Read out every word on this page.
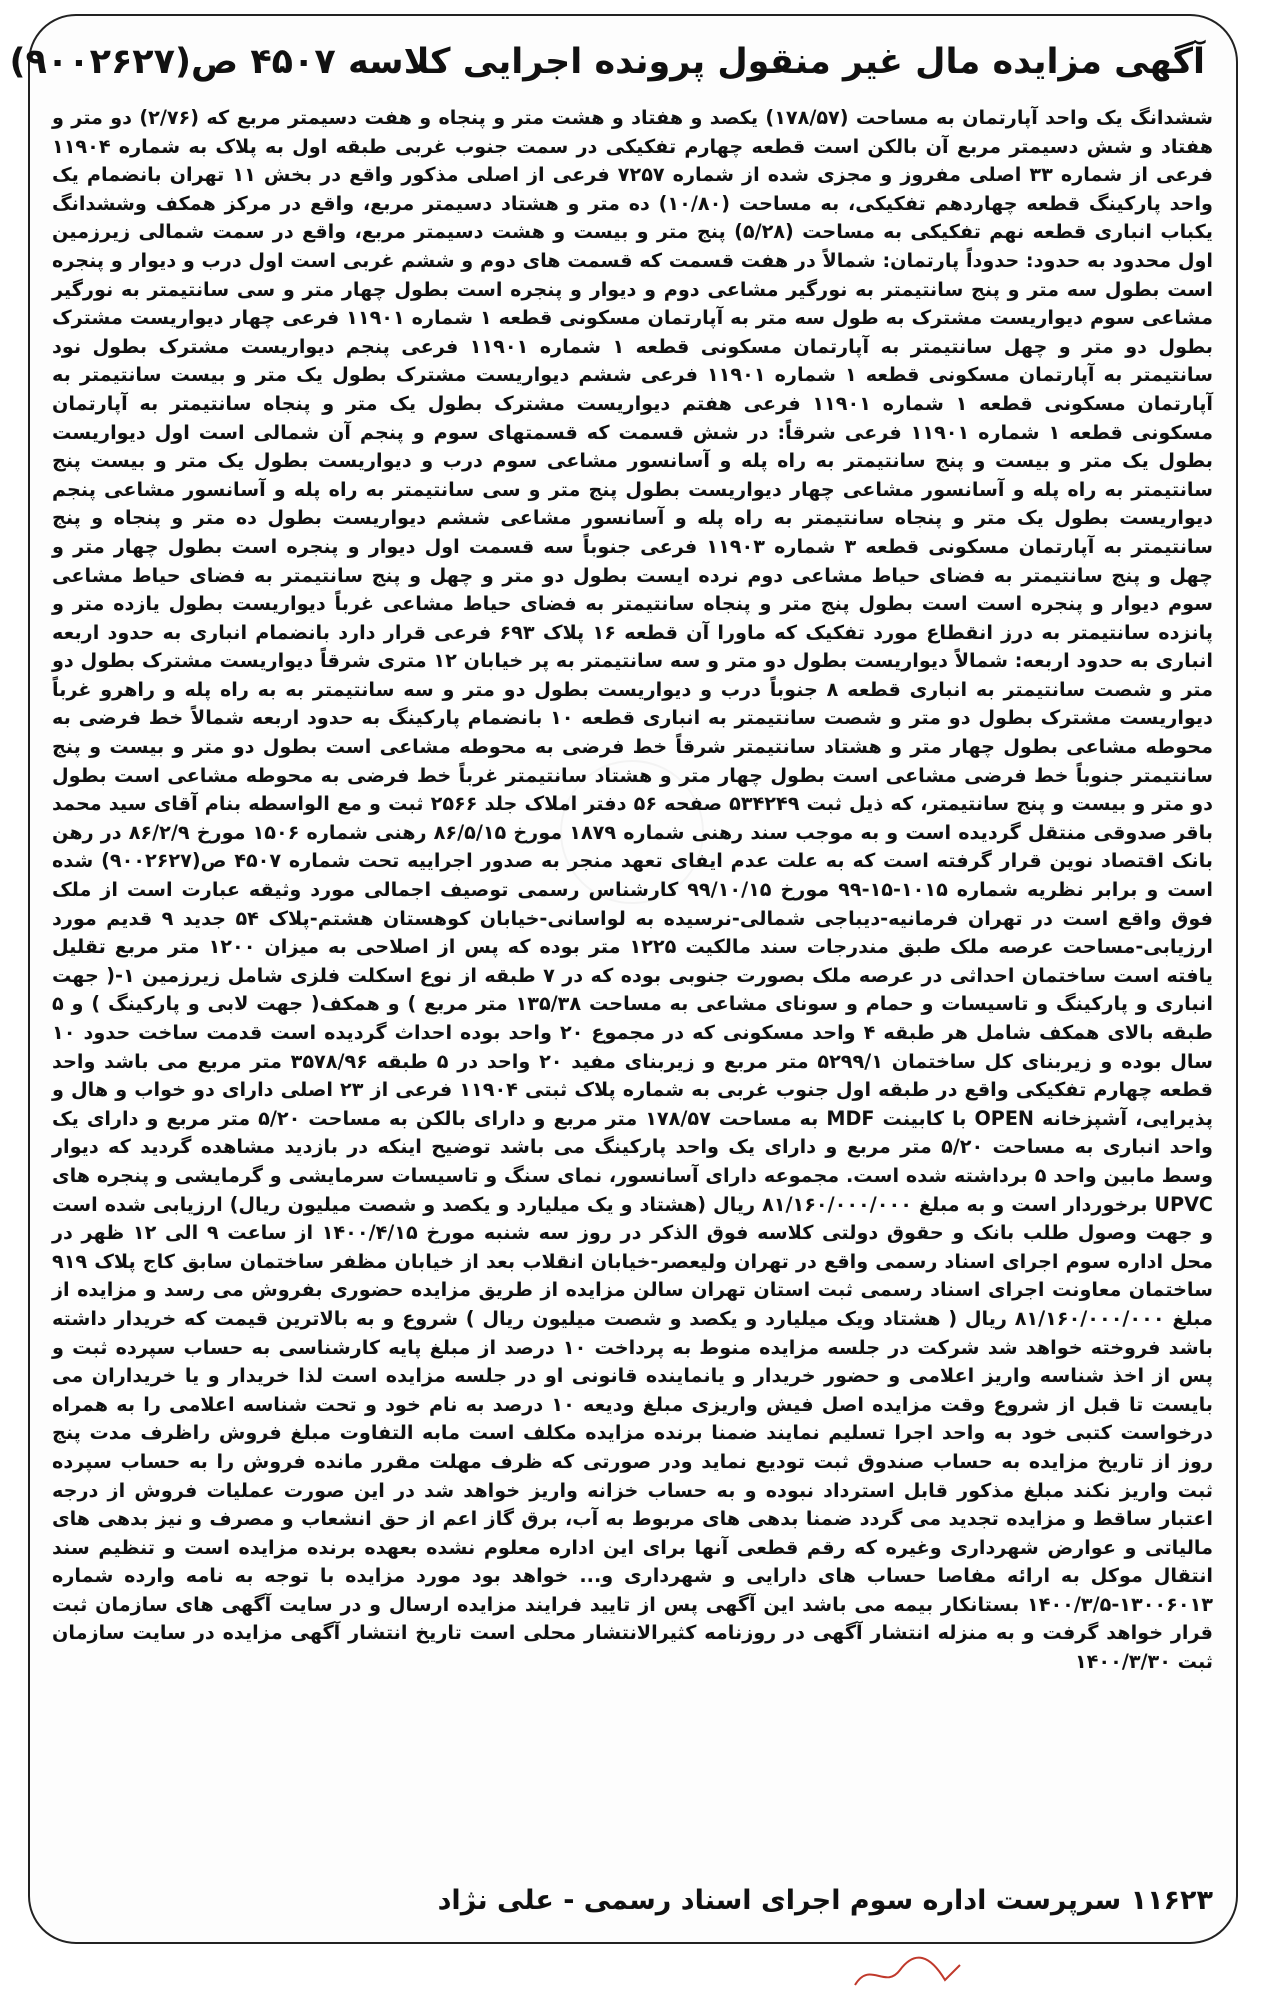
آگهی مزایده مال غیر منقول پرونده اجرایی کلاسه ۴۵۰۷ ص(۹۰۰۲۶۲۷)

ششدانگ یک واحد آپارتمان به مساحت (۱۷۸/۵۷) یکصد و هفتاد و هشت متر و پنجاه و هفت دسیمتر مربع که (۲/۷۶) دو متر و هفتاد و شش دسیمتر مربع آن بالکن است قطعه چهارم تفکیکی در سمت جنوب غربی طبقه اول به پلاک به شماره ۱۱۹۰۴ فرعی از شماره ۳۳ اصلی مفروز و مجزی شده از شماره ۷۲۵۷ فرعی از اصلی مذکور واقع در بخش ۱۱ تهران بانضمام یک واحد پارکینگ قطعه چهاردهم تفکیکی، به مساحت (۱۰/۸۰) ده متر و هشتاد دسیمتر مربع، واقع در مرکز همکف وششدانگ یکباب انباری قطعه نهم تفکیکی به مساحت (۵/۲۸) پنج متر و بیست و هشت دسیمتر مربع، واقع در سمت شمالی زیرزمین اول محدود به حدود: حدوداً پارتمان: شمالاً در هفت قسمت که قسمت های دوم و ششم غربی است اول درب و دیوار و پنجره است بطول سه متر و پنج سانتیمتر به نورگیر مشاعی دوم و دیوار و پنجره است بطول چهار متر و سی سانتیمتر به نورگیر مشاعی سوم دیواریست مشترک به طول سه متر به آپارتمان مسکونی قطعه ۱ شماره ۱۱۹۰۱ فرعی چهار دیواریست مشترک بطول دو متر و چهل سانتیمتر به آپارتمان مسکونی قطعه ۱ شماره ۱۱۹۰۱ فرعی پنجم دیواریست مشترک بطول نود سانتیمتر به آپارتمان مسکونی قطعه ۱ شماره ۱۱۹۰۱ فرعی ششم دیواریست مشترک بطول یک متر و بیست سانتیمتر به آپارتمان مسکونی قطعه ۱ شماره ۱۱۹۰۱ فرعی هفتم دیواریست مشترک بطول یک متر و پنجاه سانتیمتر به آپارتمان مسکونی قطعه ۱ شماره ۱۱۹۰۱ فرعی شرقاً: در شش قسمت که قسمتهای سوم و پنجم آن شمالی است اول دیواریست بطول یک متر و بیست و پنج سانتیمتر به راه پله و آسانسور مشاعی سوم درب و دیواریست بطول یک متر و بیست پنج سانتیمتر به راه پله و آسانسور مشاعی چهار دیواریست بطول پنج متر و سی سانتیمتر به راه پله و آسانسور مشاعی پنجم دیواریست بطول یک متر و پنجاه سانتیمتر به راه پله و آسانسور مشاعی ششم دیواریست بطول ده متر و پنجاه و پنج سانتیمتر به آپارتمان مسکونی قطعه ۳ شماره ۱۱۹۰۳ فرعی جنوباً سه قسمت اول دیوار و پنجره است بطول چهار متر و چهل و پنج سانتیمتر به فضای حیاط مشاعی دوم نرده ایست بطول دو متر و چهل و پنج سانتیمتر به فضای حیاط مشاعی سوم دیوار و پنجره است است بطول پنج متر و پنجاه سانتیمتر به فضای حیاط مشاعی غرباً دیواریست بطول یازده متر و پانزده سانتیمتر به درز انقطاع مورد تفکیک که ماورا آن قطعه ۱۶ پلاک ۶۹۳ فرعی قرار دارد بانضمام انباری به حدود اربعه انباری به حدود اربعه: شمالاً دیواریست بطول دو متر و سه سانتیمتر به پر خیابان ۱۲ متری شرقاً دیواریست مشترک بطول دو متر و شصت سانتیمتر به انباری قطعه ۸ جنوباً درب و دیواریست بطول دو متر و سه سانتیمتر به به راه پله و راهرو غرباً دیواریست مشترک بطول دو متر و شصت سانتیمتر به انباری قطعه ۱۰ بانضمام پارکینگ به حدود اربعه شمالاً خط فرضی به محوطه مشاعی بطول چهار متر و هشتاد سانتیمتر شرقاً خط فرضی به محوطه مشاعی است بطول دو متر و بیست و پنج سانتیمتر جنوباً خط فرضی مشاعی است بطول چهار متر و هشتاد سانتیمتر غرباً خط فرضی به محوطه مشاعی است بطول دو متر و بیست و پنج سانتیمتر، که ذیل ثبت ۵۳۴۲۴۹ صفحه ۵۶ دفتر املاک جلد ۲۵۶۶ ثبت و مع الواسطه بنام آقای سید محمد باقر صدوقی منتقل گردیده است و به موجب سند رهنی شماره ۱۸۷۹ مورخ ۸۶/۵/۱۵ رهنی شماره ۱۵۰۶ مورخ ۸۶/۲/۹ در رهن بانک اقتصاد نوین قرار گرفته است که به علت عدم ایفای تعهد منجر به صدور اجراییه تحت شماره ۴۵۰۷ ص(۹۰۰۲۶۲۷) شده است و برابر نظریه شماره ۱۰۱۵-۱۵-۹۹ مورخ ۹۹/۱۰/۱۵ کارشناس رسمی توصیف اجمالی مورد وثیقه عبارت است از ملک فوق واقع است در تهران فرمانیه-دیباجی شمالی-نرسیده به لواسانی-خیابان کوهستان هشتم-پلاک ۵۴ جدید ۹ قدیم مورد ارزیابی-مساحت عرصه ملک طبق مندرجات سند مالکیت ۱۲۲۵ متر بوده که پس از اصلاحی به میزان ۱۲۰۰ متر مربع تقلیل یافته است ساختمان احداثی در عرصه ملک بصورت جنوبی بوده که در ۷ طبقه از نوع اسکلت فلزی شامل زیرزمین ۱-( جهت انباری و پارکینگ و تاسیسات و حمام و سونای مشاعی به مساحت ۱۳۵/۳۸ متر مربع ) و همکف( جهت لابی و پارکینگ ) و ۵ طبقه بالای همکف شامل هر طبقه ۴ واحد مسکونی که در مجموع ۲۰ واحد بوده احداث گردیده است قدمت ساخت حدود ۱۰ سال بوده و زیربنای کل ساختمان ۵۲۹۹/۱ متر مربع و زیربنای مفید ۲۰ واحد در ۵ طبقه ۳۵۷۸/۹۶ متر مربع می باشد واحد قطعه چهارم تفکیکی واقع در طبقه اول جنوب غربی به شماره پلاک ثبتی ۱۱۹۰۴ فرعی از ۲۳ اصلی دارای دو خواب و هال و پذیرایی، آشپزخانه OPEN با کابینت MDF به مساحت ۱۷۸/۵۷ متر مربع و دارای بالکن به مساحت ۵/۲۰ متر مربع و دارای یک واحد انباری به مساحت ۵/۲۰ متر مربع و دارای یک واحد پارکینگ می باشد توضیح اینکه در بازدید مشاهده گردید که دیوار وسط مابین واحد ۵ برداشته شده است. مجموعه دارای آسانسور، نمای سنگ و تاسیسات سرمایشی و گرمایشی و پنجره های UPVC برخوردار است و به مبلغ ۸۱/۱۶۰/۰۰۰/۰۰۰ ریال (هشتاد و یک میلیارد و یکصد و شصت میلیون ریال) ارزیابی شده است و جهت وصول طلب بانک و حقوق دولتی کلاسه فوق الذکر در روز سه شنبه مورخ ۱۴۰۰/۴/۱۵ از ساعت ۹ الی ۱۲ ظهر در محل اداره سوم اجرای اسناد رسمی واقع در تهران ولیعصر-خیابان انقلاب بعد از خیابان مظفر ساختمان سابق کاج پلاک ۹۱۹ ساختمان معاونت اجرای اسناد رسمی ثبت استان تهران سالن مزایده از طریق مزایده حضوری بفروش می رسد و مزایده از مبلغ ۸۱/۱۶۰/۰۰۰/۰۰۰ ریال ( هشتاد ویک میلیارد و یکصد و شصت میلیون ریال ) شروع و به بالاترین قیمت که خریدار داشته باشد فروخته خواهد شد شرکت در جلسه مزایده منوط به پرداخت ۱۰ درصد از مبلغ پایه کارشناسی به حساب سپرده ثبت و پس از اخذ شناسه واریز اعلامی و حضور خریدار و یانماینده قانونی او در جلسه مزایده است لذا خریدار و یا خریداران می بایست تا قبل از شروع وقت مزایده اصل فیش واریزی مبلغ ودیعه ۱۰ درصد به نام خود و تحت شناسه اعلامی را به همراه درخواست کتبی خود به واحد اجرا تسلیم نمایند ضمنا برنده مزایده مکلف است مابه التفاوت مبلغ فروش راظرف مدت پنج روز از تاریخ مزایده به حساب صندوق ثبت تودیع نماید ودر صورتی که ظرف مهلت مقرر مانده فروش را به حساب سپرده ثبت واریز نکند مبلغ مذکور قابل استرداد نبوده و به حساب خزانه واریز خواهد شد در این صورت عملیات فروش از درجه اعتبار ساقط و مزایده تجدید می گردد ضمنا بدهی های مربوط به آب، برق گاز اعم از حق انشعاب و مصرف و نیز بدهی های مالیاتی و عوارض شهرداری وغیره که رقم قطعی آنها برای این اداره معلوم نشده بعهده برنده مزایده است و تنظیم سند انتقال موکل به ارائه مفاصا حساب های دارایی و شهرداری و... خواهد بود مورد مزایده با توجه به نامه وارده شماره ۱۳۰۰۶۰۱۳-۱۴۰۰/۳/۵ بستانکار بیمه می باشد این آگهی پس از تایید فرایند مزایده ارسال و در سایت آگهی های سازمان ثبت قرار خواهد گرفت و به منزله انتشار آگهی در روزنامه کثیرالانتشار محلی است تاریخ انتشار آگهی مزایده در سایت سازمان ثبت ۱۴۰۰/۳/۳۰

۱۱۶۲۳ سرپرست اداره سوم اجرای اسناد رسمی - علی نژاد
